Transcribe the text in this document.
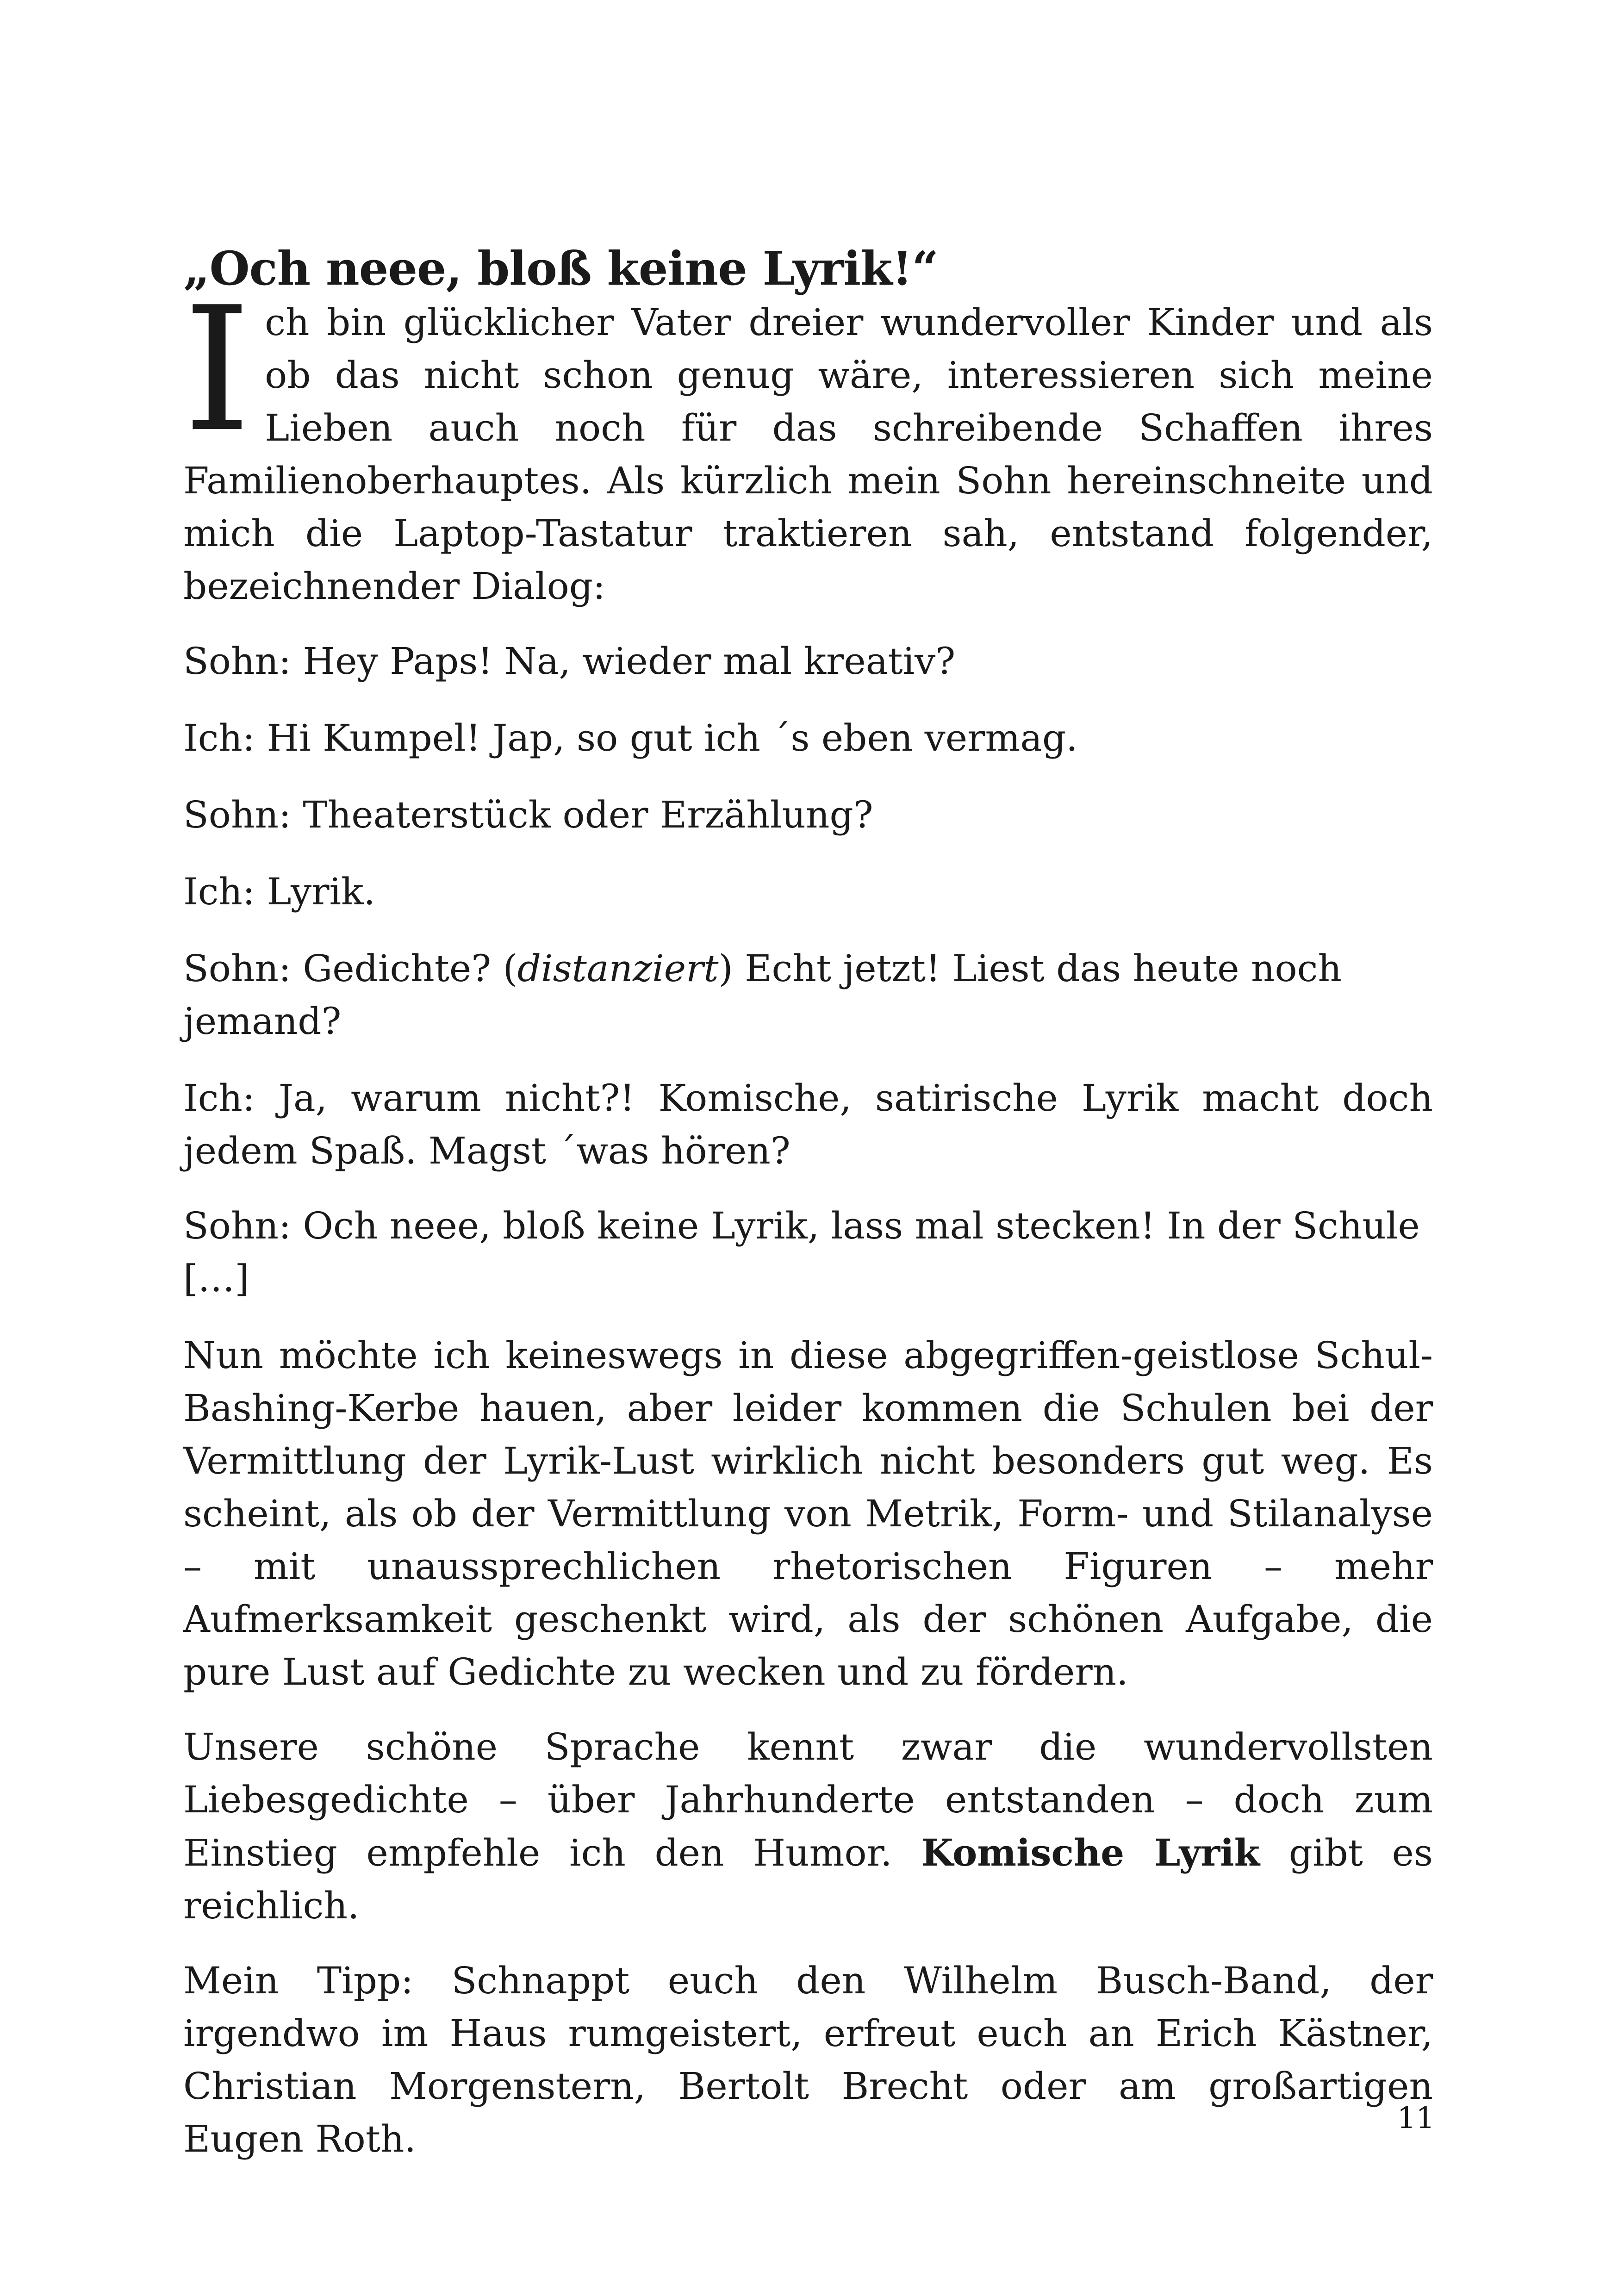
„Och neee, bloß keine Lyrik!“

Ich bin glücklicher Vater dreier wundervoller Kinder und als ob das nicht schon genug wäre, interessieren sich meine Lieben auch noch für das schreibende Schaffen ihres Familienoberhauptes. Als kürzlich mein Sohn hereinschneite und mich die Laptop-Tastatur traktieren sah, entstand folgender, bezeichnender Dialog:

Sohn: Hey Paps! Na, wieder mal kreativ?

Ich: Hi Kumpel! Jap, so gut ich ´s eben vermag.

Sohn: Theaterstück oder Erzählung?

Ich: Lyrik.

Sohn: Gedichte? (distanziert) Echt jetzt! Liest das heute noch jemand?

Ich: Ja, warum nicht?! Komische, satirische Lyrik macht doch jedem Spaß. Magst ´was hören?

Sohn: Och neee, bloß keine Lyrik, lass mal stecken! In der Schule […]

Nun möchte ich keineswegs in diese abgegriffen-geistlose Schul-Bashing-Kerbe hauen, aber leider kommen die Schulen bei der Vermittlung der Lyrik-Lust wirklich nicht besonders gut weg. Es scheint, als ob der Vermittlung von Metrik, Form- und Stilanalyse – mit unaussprechlichen rhetorischen Figuren – mehr Aufmerksamkeit geschenkt wird, als der schönen Aufgabe, die pure Lust auf Gedichte zu wecken und zu fördern.

Unsere schöne Sprache kennt zwar die wundervollsten Liebesgedichte – über Jahrhunderte entstanden – doch zum Einstieg empfehle ich den Humor. Komische Lyrik gibt es reichlich.

Mein Tipp: Schnappt euch den Wilhelm Busch-Band, der irgendwo im Haus rumgeistert, erfreut euch an Erich Kästner, Christian Morgenstern, Bertolt Brecht oder am großartigen Eugen Roth.	11
